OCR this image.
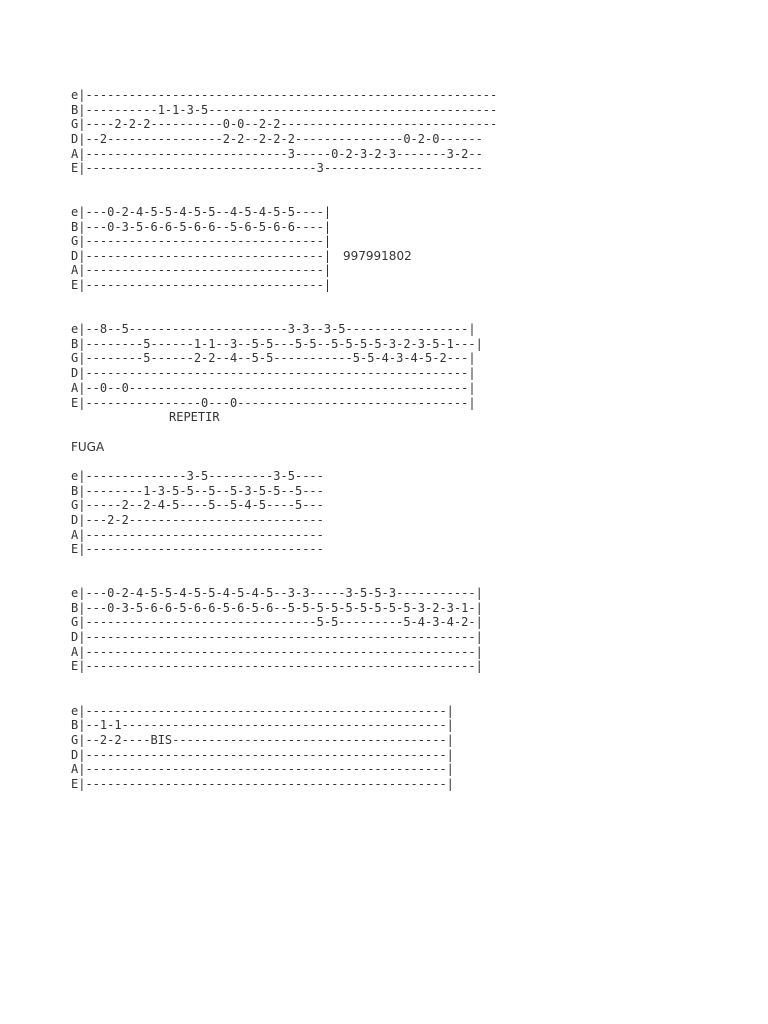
e|---------------------------------------------------------

B|----------1-1-3-5----------------------------------------

G|----2-2-2----------0-0--2-2------------------------------

D|--2----------------2-2--2-2-2---------------0-2-0------

A|----------------------------3-----0-2-3-2-3-------3-2--

E|--------------------------------3----------------------

e|---0-2-4-5-5-4-5-5--4-5-4-5-5----|

B|---0-3-5-6-6-5-6-6--5-6-5-6-6----|

G|---------------------------------|

D|---------------------------------|

A|---------------------------------|

E|---------------------------------|

997991802

e|--8--5----------------------3-3--3-5-----------------|

B|--------5------1-1--3--5-5---5-5--5-5-5-5-3-2-3-5-1---|

G|--------5------2-2--4--5-5-----------5-5-4-3-4-5-2---|

D|-----------------------------------------------------|

A|--0--0-----------------------------------------------|

E|----------------0---0--------------------------------|

REPETIR

FUGA

e|--------------3-5---------3-5----

B|--------1-3-5-5--5--5-3-5-5--5---

G|-----2--2-4-5----5--5-4-5----5---

D|---2-2---------------------------

A|---------------------------------

E|---------------------------------

e|---0-2-4-5-5-4-5-5-4-5-4-5--3-3-----3-5-5-3-----------|

B|---0-3-5-6-6-5-6-6-5-6-5-6--5-5-5-5-5-5-5-5-5-3-2-3-1-|

G|--------------------------------5-5---------5-4-3-4-2-|

D|------------------------------------------------------|

A|------------------------------------------------------|

E|------------------------------------------------------|

e|--------------------------------------------------|

B|--1-1---------------------------------------------|

G|--2-2----BIS--------------------------------------|

D|--------------------------------------------------|

A|--------------------------------------------------|

E|--------------------------------------------------|
